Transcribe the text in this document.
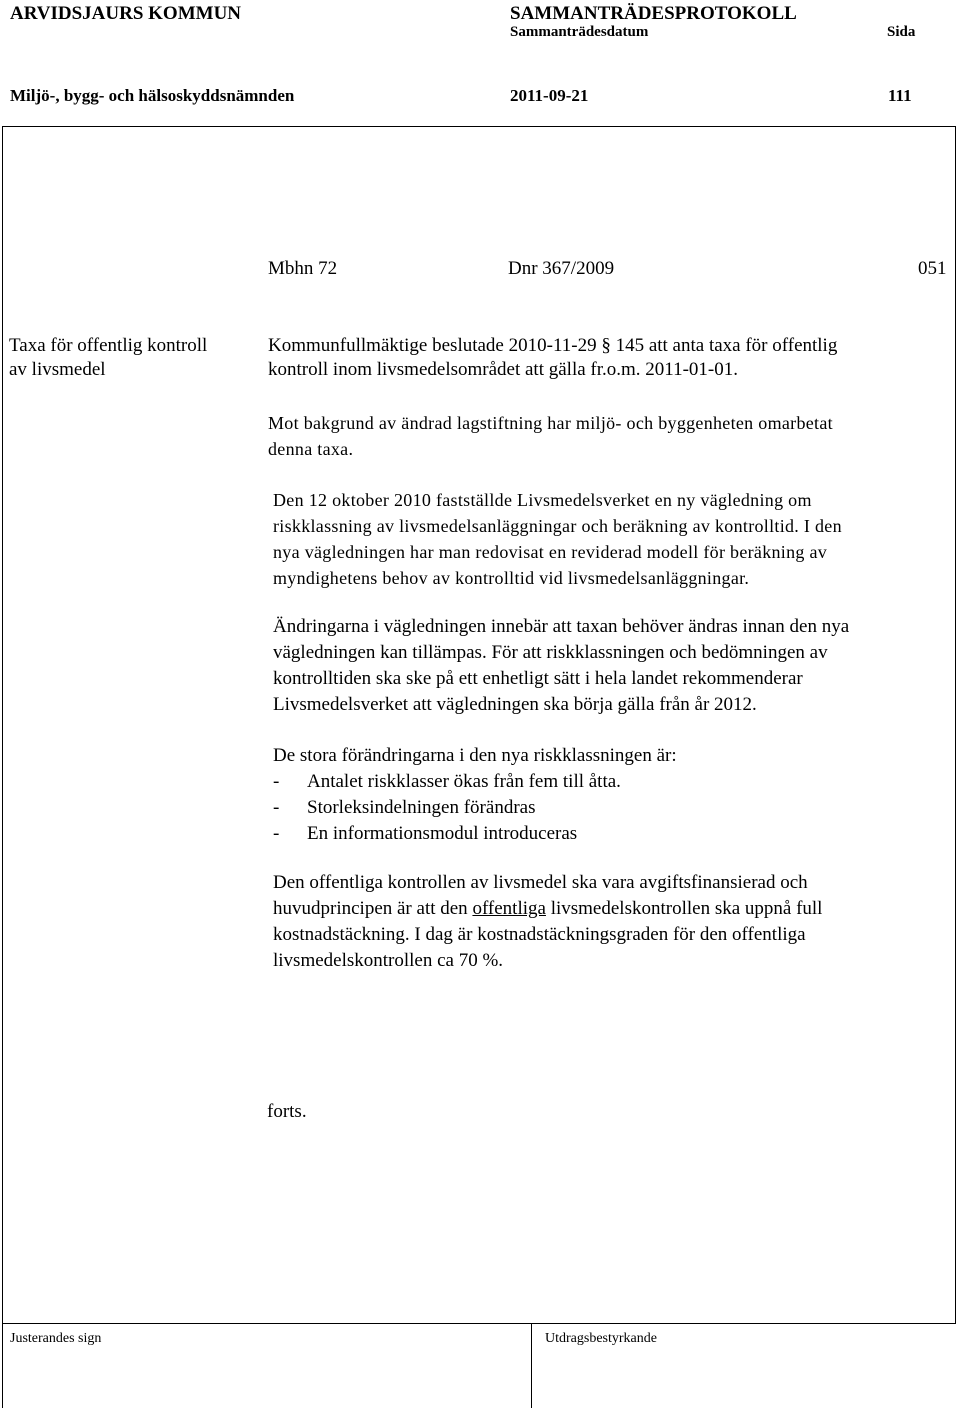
ARVIDSJAURS KOMMUN	SAMMANTRÄDESPROTOKOLL
Sammanträdesdatum	Sida
Miljö-, bygg- och hälsoskyddsnämnden	2011-09-21	111
Mbhn 72	Dnr 367/2009	051
Taxa för offentlig kontroll
av livsmedel
Kommunfullmäktige beslutade 2010-11-29 § 145 att anta taxa för offentlig
kontroll inom livsmedelsområdet att gälla fr.o.m. 2011-01-01.
Mot bakgrund av ändrad lagstiftning har miljö- och byggenheten omarbetat
denna taxa.
Den 12 oktober 2010 fastställde Livsmedelsverket en ny vägledning om
riskklassning av livsmedelsanläggningar och beräkning av kontrolltid. I den
nya vägledningen har man redovisat en reviderad modell för beräkning av
myndighetens behov av kontrolltid vid livsmedelsanläggningar.
Ändringarna i vägledningen innebär att taxan behöver ändras innan den nya
vägledningen kan tillämpas. För att riskklassningen och bedömningen av
kontrolltiden ska ske på ett enhetligt sätt i hela landet rekommenderar
Livsmedelsverket att vägledningen ska börja gälla från år 2012.
De stora förändringarna i den nya riskklassningen är:
- Antalet riskklasser ökas från fem till åtta.
- Storleksindelningen förändras
- En informationsmodul introduceras
Den offentliga kontrollen av livsmedel ska vara avgiftsfinansierad och
huvudprincipen är att den offentliga livsmedelskontrollen ska uppnå full
kostnadstäckning. I dag är kostnadstäckningsgraden för den offentliga
livsmedelskontrollen ca 70 %.
forts.
Justerandes sign	Utdragsbestyrkande
